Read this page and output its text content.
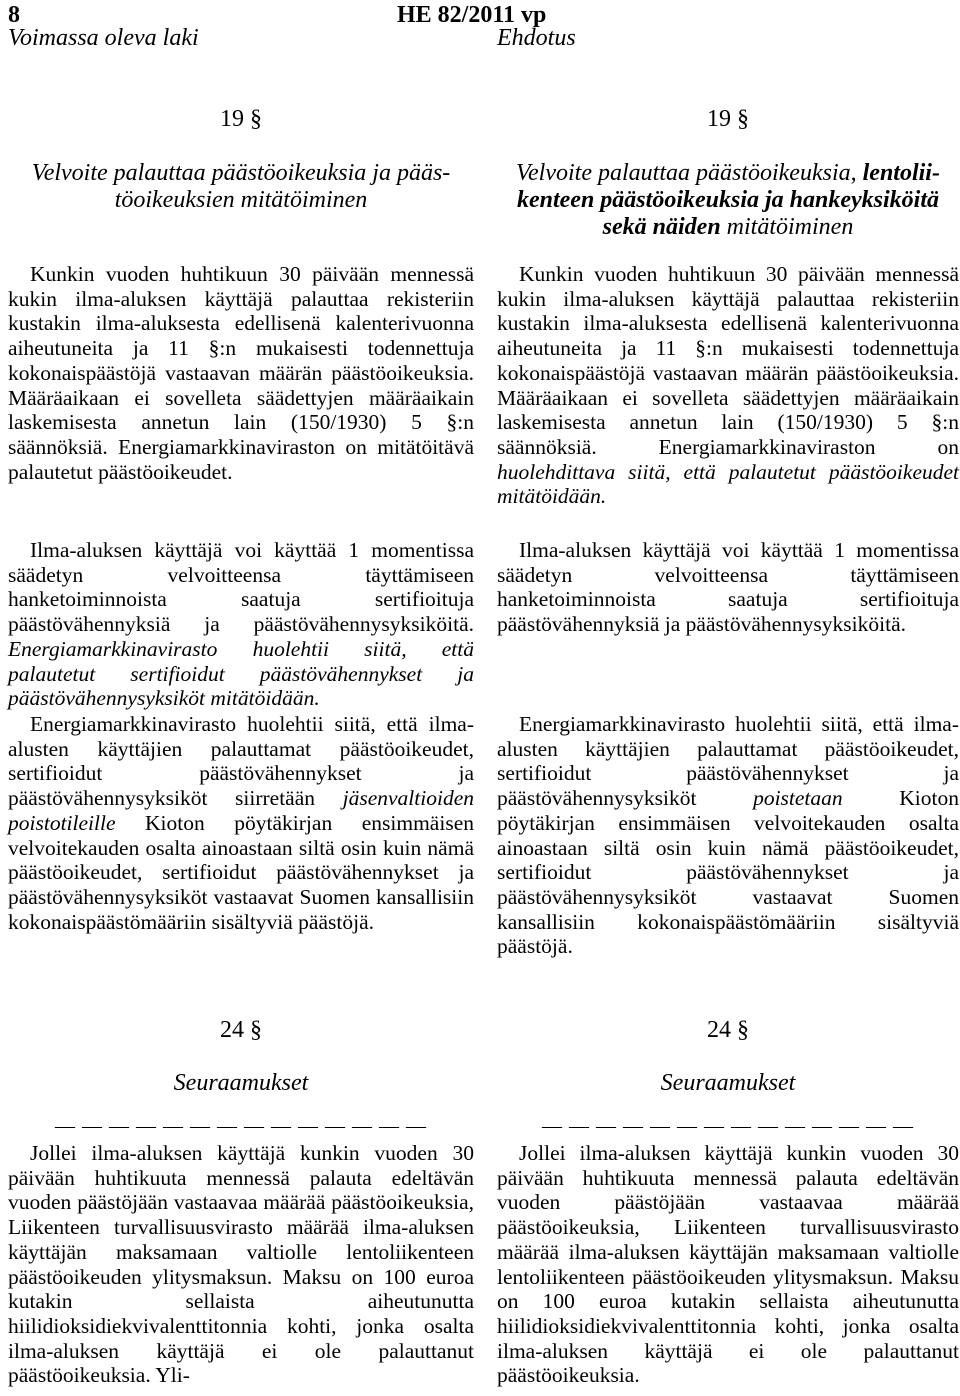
8	HE 82/2011 vp
Voimassa oleva laki	Ehdotus
19 §
Velvoite palauttaa päästöoikeuksia ja pääs-
töoikeuksien mitätöiminen

Kunkin vuoden huhtikuun 30 päivään mennessä kukin ilma-aluksen käyttäjä palauttaa rekisteriin kustakin ilma-aluksesta edellisenä kalenterivuonna aiheutuneita ja 11 §:n mukaisesti todennettuja kokonaispäästöjä vastaavan määrän päästöoikeuksia. Määräaikaan ei sovelleta säädettyjen määräaikain laskemisesta annetun lain (150/1930) 5 §:n säännöksiä. Energiamarkkinaviraston on mitätöitävä palautetut päästöoikeudet.

Ilma-aluksen käyttäjä voi käyttää 1 momentissa säädetyn velvoitteensa täyttämiseen hanketoiminnoista saatuja sertifioituja päästövähennyksiä ja päästövähennysyksiköitä. Energiamarkkinavirasto huolehtii siitä, että palautetut sertifioidut päästövähennykset ja päästövähennysyksiköt mitätöidään.

Energiamarkkinavirasto huolehtii siitä, että ilma-alusten käyttäjien palauttamat päästöoikeudet, sertifioidut päästövähennykset ja päästövähennysyksiköt siirretään jäsenvaltioiden poistotileille Kioton pöytäkirjan ensimmäisen velvoitekauden osalta ainoastaan siltä osin kuin nämä päästöoikeudet, sertifioidut päästövähennykset ja päästövähennysyksiköt vastaavat Suomen kansallisiin kokonaispäästömääriin sisältyviä päästöjä.

24 §
Seuraamukset

— — — — — — — — — — — — — —

Jollei ilma-aluksen käyttäjä kunkin vuoden 30 päivään huhtikuuta mennessä palauta edeltävän vuoden päästöjään vastaavaa määrää päästöoikeuksia, Liikenteen turvallisuusvirasto määrää ilma-aluksen käyttäjän maksamaan valtiolle lentoliikenteen päästöoikeuden ylitysmaksun. Maksu on 100 euroa kutakin sellaista aiheutunutta hiilidioksidiekvivalenttitonnia kohti, jonka osalta ilma-aluksen käyttäjä ei ole palauttanut päästöoikeuksia. Yli-

19 §
Velvoite palauttaa päästöoikeuksia, lentolii-
kenteen päästöoikeuksia ja hankeyksiköitä
sekä näiden mitätöiminen

Kunkin vuoden huhtikuun 30 päivään mennessä kukin ilma-aluksen käyttäjä palauttaa rekisteriin kustakin ilma-aluksesta edellisenä kalenterivuonna aiheutuneita ja 11 §:n mukaisesti todennettuja kokonaispäästöjä vastaavan määrän päästöoikeuksia. Määräaikaan ei sovelleta säädettyjen määräaikain laskemisesta annetun lain (150/1930) 5 §:n säännöksiä. Energiamarkkinaviraston on huolehdittava siitä, että palautetut päästöoikeudet mitätöidään.

Ilma-aluksen käyttäjä voi käyttää 1 momentissa säädetyn velvoitteensa täyttämiseen hanketoiminnoista saatuja sertifioituja päästövähennyksiä ja päästövähennysyksiköitä.

Energiamarkkinavirasto huolehtii siitä, että ilma-alusten käyttäjien palauttamat päästöoikeudet, sertifioidut päästövähennykset ja päästövähennysyksiköt poistetaan Kioton pöytäkirjan ensimmäisen velvoitekauden osalta ainoastaan siltä osin kuin nämä päästöoikeudet, sertifioidut päästövähennykset ja päästövähennysyksiköt vastaavat Suomen kansallisiin kokonaispäästömääriin sisältyviä päästöjä.

24 §
Seuraamukset

— — — — — — — — — — — — — —

Jollei ilma-aluksen käyttäjä kunkin vuoden 30 päivään huhtikuuta mennessä palauta edeltävän vuoden päästöjään vastaavaa määrää päästöoikeuksia, Liikenteen turvallisuusvirasto määrää ilma-aluksen käyttäjän maksamaan valtiolle lentoliikenteen päästöoikeuden ylitysmaksun. Maksu on 100 euroa kutakin sellaista aiheutunutta hiilidioksidiekvivalenttitonnia kohti, jonka osalta ilma-aluksen käyttäjä ei ole palauttanut päästöoikeuksia.
